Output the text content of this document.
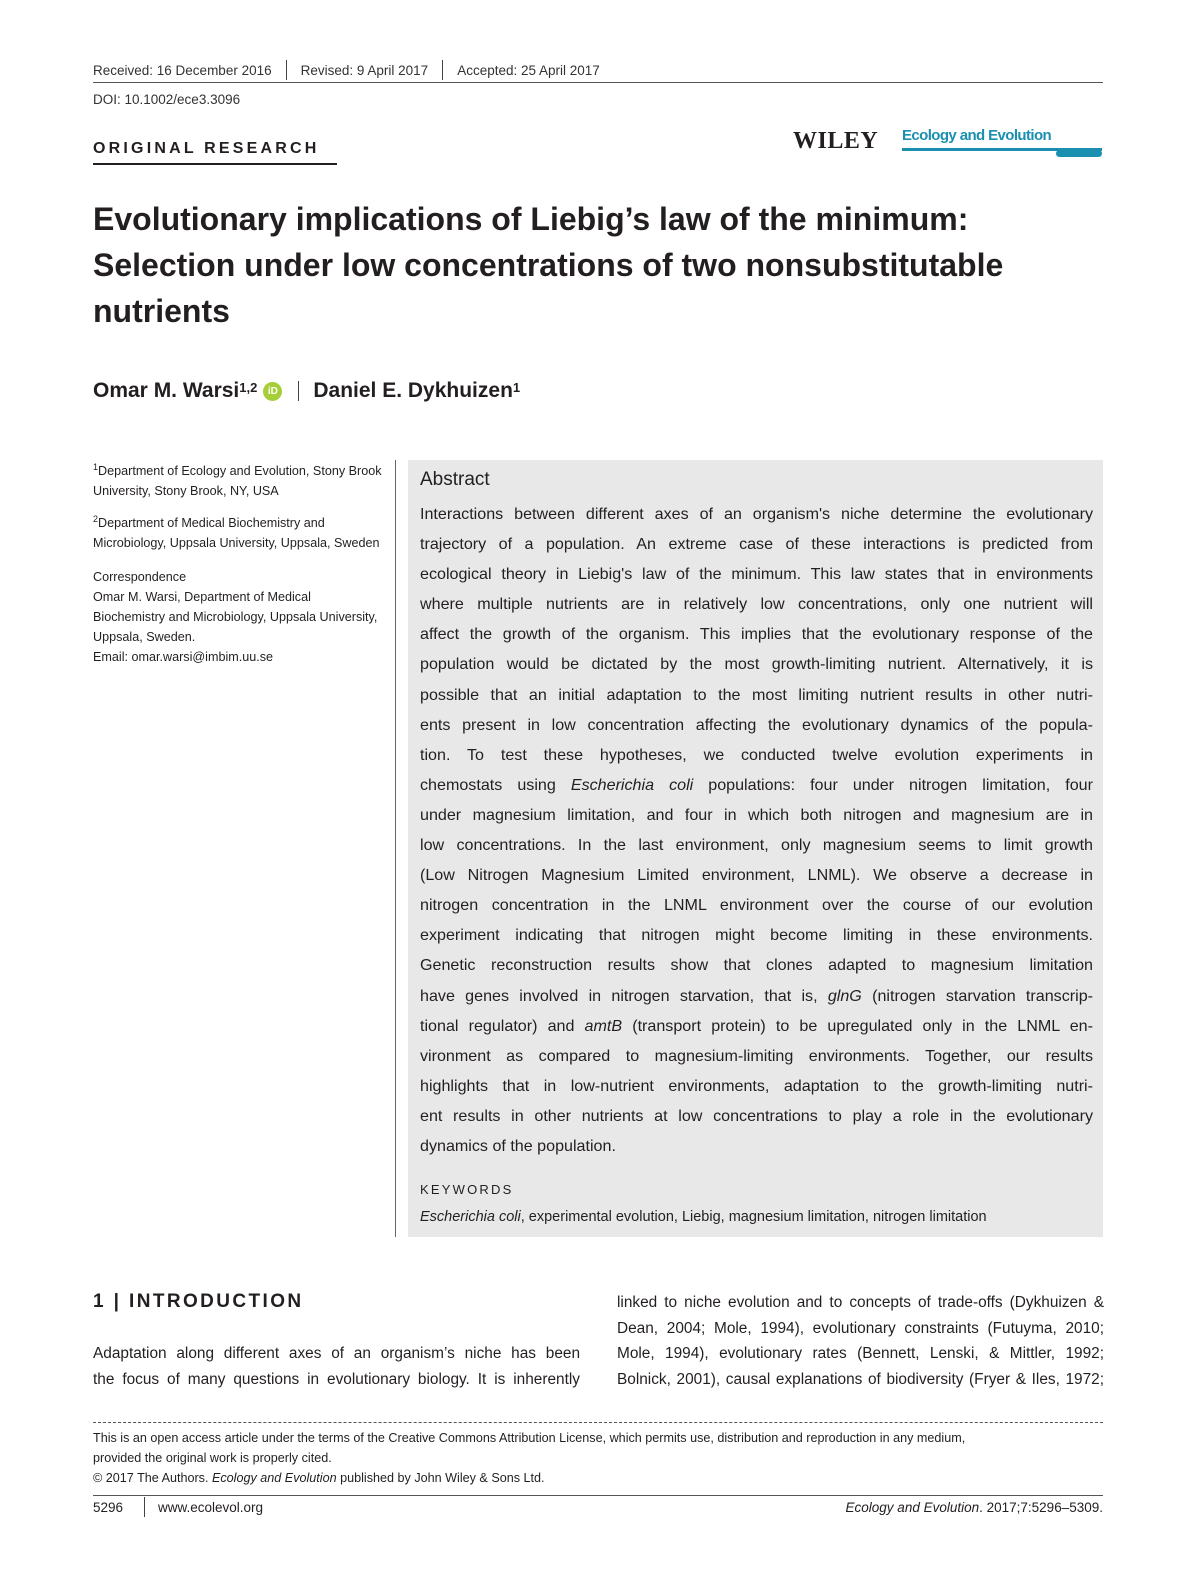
Received: 16 December 2016 Revised: 9 April 2017 Accepted: 25 April 2017
DOI: 10.1002/ece3.3096
ORIGINAL RESEARCH	WILEY Ecology and Evolution
Evolutionary implications of Liebig’s law of the minimum:
Selection under low concentrations of two nonsubstitutable
nutrients
Omar M. Warsi$^{1,2}$	iD Daniel E. Dykhuizen$^1$

$^1$Department of Ecology and Evolution, Stony Brook University, Stony Brook, NY, USA

$^2$Department of Medical Biochemistry and Microbiology, Uppsala University, Uppsala, Sweden

Correspondence

Omar M. Warsi, Department of Medical Biochemistry and Microbiology, Uppsala University, Uppsala, Sweden.

Email: omar.warsi@imbim.uu.se

Abstract
Interactions between different axes of an organism's niche determine the evolutionary
trajectory of a population. An extreme case of these interactions is predicted from
ecological theory in Liebig's law of the minimum. This law states that in environments
where multiple nutrients are in relatively low concentrations, only one nutrient will
affect the growth of the organism. This implies that the evolutionary response of the
population would be dictated by the most growth-limiting nutrient. Alternatively, it is
possible that an initial adaptation to the most limiting nutrient results in other nutri-
ents present in low concentration affecting the evolutionary dynamics of the popula-
tion. To test these hypotheses, we conducted twelve evolution experiments in
chemostats using Escherichia coli populations: four under nitrogen limitation, four
under magnesium limitation, and four in which both nitrogen and magnesium are in
low concentrations. In the last environment, only magnesium seems to limit growth
(Low Nitrogen Magnesium Limited environment, LNML). We observe a decrease in
nitrogen concentration in the LNML environment over the course of our evolution
experiment indicating that nitrogen might become limiting in these environments.
Genetic reconstruction results show that clones adapted to magnesium limitation
have genes involved in nitrogen starvation, that is, glnG (nitrogen starvation transcrip-
tional regulator) and amtB (transport protein) to be upregulated only in the LNML en-
vironment as compared to magnesium-limiting environments. Together, our results
highlights that in low-nutrient environments, adaptation to the growth-limiting nutri-
ent results in other nutrients at low concentrations to play a role in the evolutionary
dynamics of the population.
KEYWORDS
Escherichia coli, experimental evolution, Liebig, magnesium limitation, nitrogen limitation
1 | INTRODUCTION
Adaptation along different axes of an organism’s niche has been
the focus of many questions in evolutionary biology. It is inherently
linked to niche evolution and to concepts of trade-offs (Dykhuizen &
Dean, 2004; Mole, 1994), evolutionary constraints (Futuyma, 2010;
Mole, 1994), evolutionary rates (Bennett, Lenski, & Mittler, 1992;
Bolnick, 2001), causal explanations of biodiversity (Fryer & Iles, 1972;
This is an open access article under the terms of the Creative Commons Attribution License, which permits use, distribution and reproduction in any medium,
provided the original work is properly cited.
© 2017 The Authors. Ecology and Evolution published by John Wiley & Sons Ltd.
5296	www.ecolevol.org	Ecology and Evolution. 2017;7:5296–5309.
